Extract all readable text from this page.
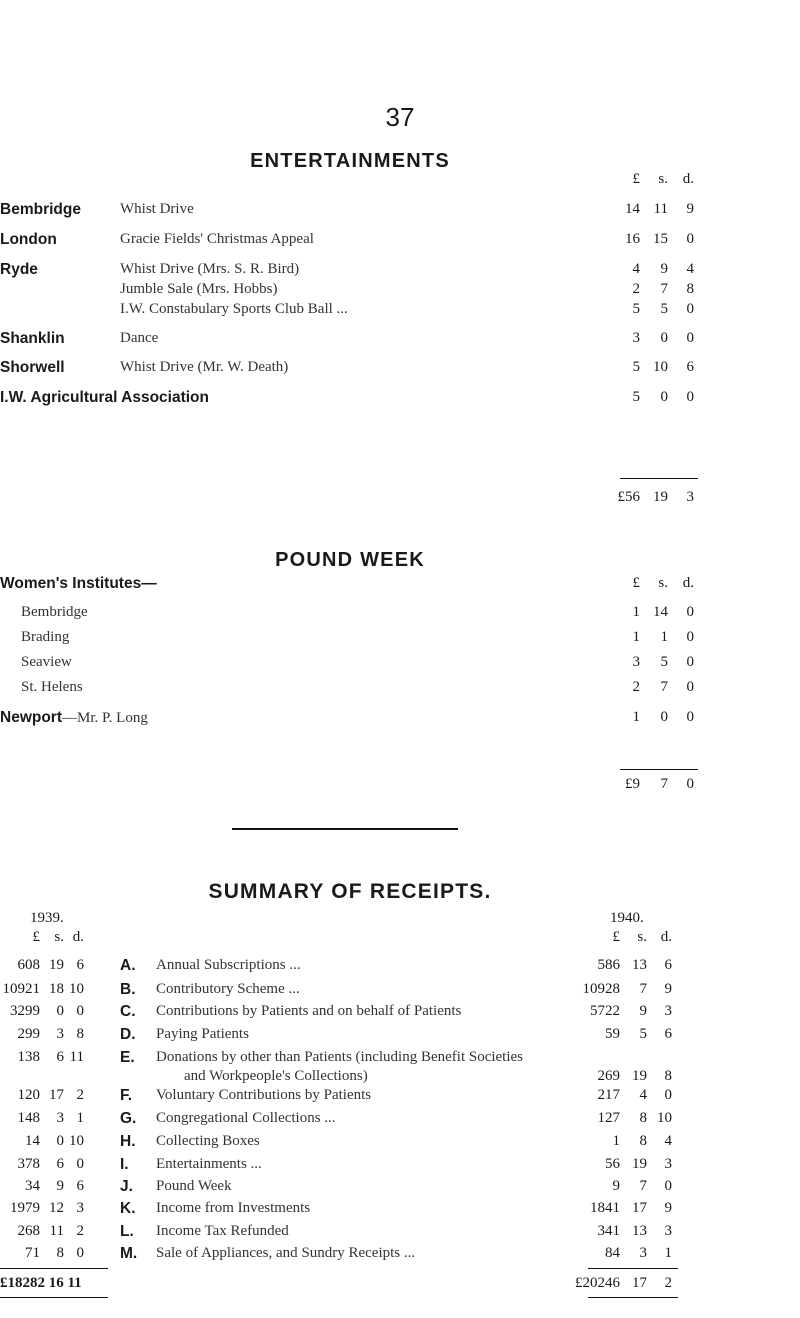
37
ENTERTAINMENTS
£	s. d.
Bembridge	Whist Drive	14 11	9
London	Gracie Fields' Christmas Appeal	16 15	0
Ryde	Whist Drive (Mrs. S. R. Bird)	4	9	4
Jumble Sale (Mrs. Hobbs)	2	7	8
I.W. Constabulary Sports Club Ball ...	5	5	0
Shanklin	Dance	3	0	0
Shorwell	Whist Drive (Mr. W. Death)	5 10	6
I.W. Agricultural Association	5	0	0
£56 19	3
POUND WEEK
Women's Institutes—	£	s. d.
Bembridge	1 14	0
Brading	1	1	0
Seaview	3	5	0
St. Helens	2	7	0
Newport—Mr. P. Long	1	0	0
£9	7	0
SUMMARY OF RECEIPTS.
1939.	1940.
£ s. d.	£	s. d.
608 19 6 A. Annual Subscriptions ...	586 13	6
10921 18 10 B. Contributory Scheme ...	10928	7	9
3299	0 0 C. Contributions by Patients and on behalf of Patients	5722	9	3
299	3 8 D. Paying Patients	59	5	6
138	6 11 E. Donations by other than Patients (including Benefit Societies
and Workpeople's Collections)	269 19	8
120 17 2 F. Voluntary Contributions by Patients	217	4	0
148	3 1 G. Congregational Collections ...	127	8 10
14	0 10 H. Collecting Boxes	1	8	4
378	6 0 I. Entertainments ...	56 19	3
34	9 6 J. Pound Week	9	7	0
1979 12 3 K. Income from Investments	1841 17	9
268 11 2 L. Income Tax Refunded	341 13	3
71	8 0 M. Sale of Appliances, and Sundry Receipts ...	84	3	1
£18282 16 11	£20246 17	2
